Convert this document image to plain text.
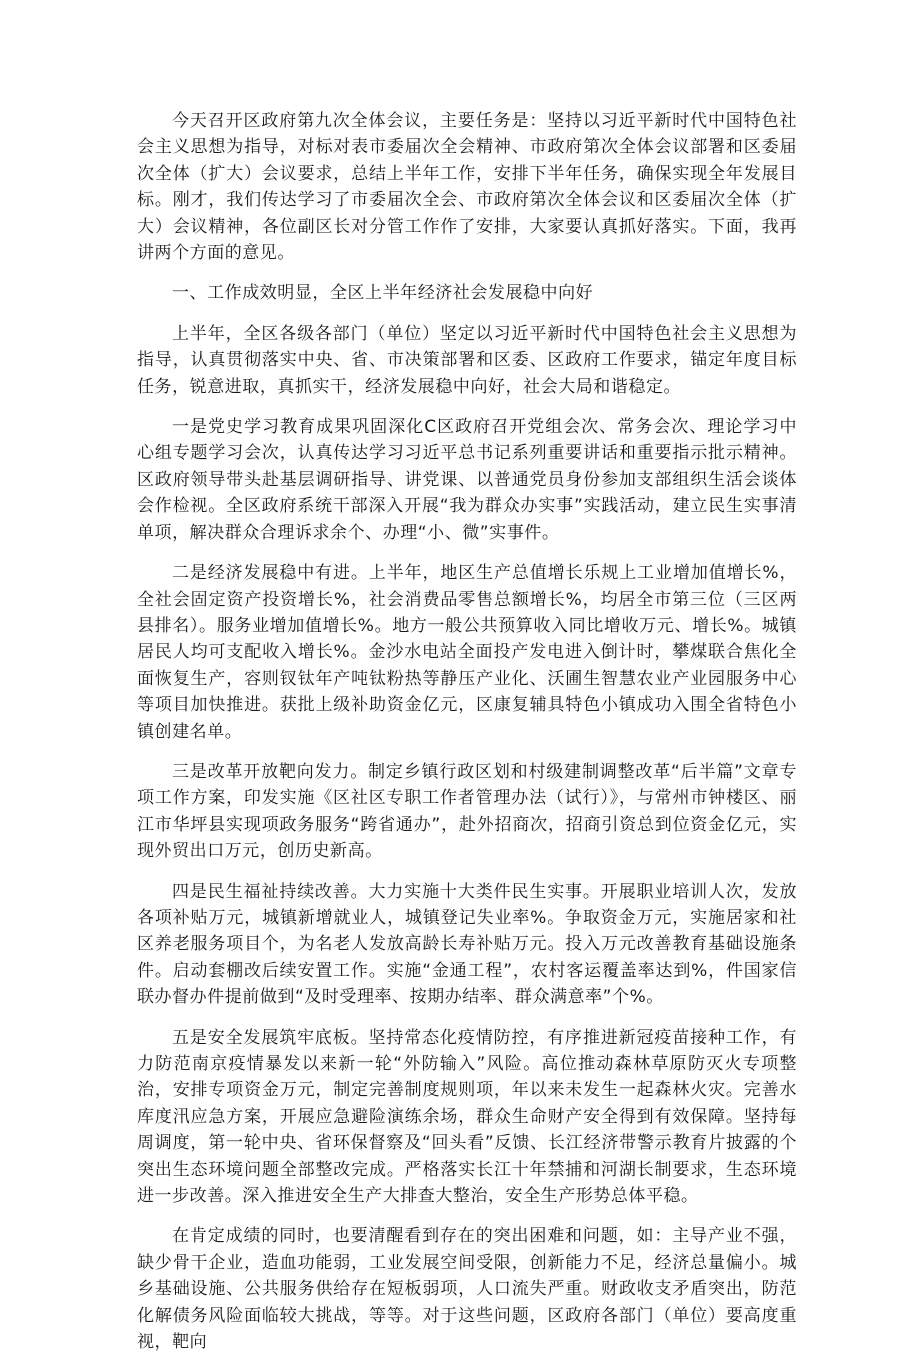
今天召开区政府第九次全体会议，主要任务是：坚持以习近平新时代中国特色社会主义思想为指导，对标对表市委届次全会精神、市政府第次全体会议部署和区委届次全体（扩大）会议要求，总结上半年工作，安排下半年任务，确保实现全年发展目标。刚才，我们传达学习了市委届次全会、市政府第次全体会议和区委届次全体（扩大）会议精神，各位副区长对分管工作作了安排，大家要认真抓好落实。下面，我再讲两个方面的意见。

一、工作成效明显，全区上半年经济社会发展稳中向好

上半年，全区各级各部门（单位）坚定以习近平新时代中国特色社会主义思想为指导，认真贯彻落实中央、省、市决策部署和区委、区政府工作要求，锚定年度目标任务，锐意进取，真抓实干，经济发展稳中向好，社会大局和谐稳定。

一是党史学习教育成果巩固深化C区政府召开党组会次、常务会次、理论学习中心组专题学习会次，认真传达学习习近平总书记系列重要讲话和重要指示批示精神。区政府领导带头赴基层调研指导、讲党课、以普通党员身份参加支部组织生活会谈体会作检视。全区政府系统干部深入开展“我为群众办实事”实践活动，建立民生实事清单项，解决群众合理诉求余个、办理“小、微”实事件。

二是经济发展稳中有进。上半年，地区生产总值增长乐规上工业增加值增长%，全社会固定资产投资增长%，社会消费品零售总额增长%，均居全市第三位（三区两县排名）。服务业增加值增长%。地方一般公共预算收入同比增收万元、增长%。城镇居民人均可支配收入增长%。金沙水电站全面投产发电进入倒计时，攀煤联合焦化全面恢复生产，容则钗钛年产吨钛粉热等静压产业化、沃圃生智慧农业产业园服务中心等项目加快推进。获批上级补助资金亿元，区康复辅具特色小镇成功入围全省特色小镇创建名单。

三是改革开放靶向发力。制定乡镇行政区划和村级建制调整改革“后半篇”文章专项工作方案，印发实施《区社区专职工作者管理办法（试行）》，与常州市钟楼区、丽江市华坪县实现项政务服务“跨省通办”，赴外招商次，招商引资总到位资金亿元，实现外贸出口万元，创历史新高。

四是民生福祉持续改善。大力实施十大类件民生实事。开展职业培训人次，发放各项补贴万元，城镇新增就业人，城镇登记失业率%。争取资金万元，实施居家和社区养老服务项目个，为名老人发放高龄长寿补贴万元。投入万元改善教育基础设施条件。启动套棚改后续安置工作。实施“金通工程”，农村客运覆盖率达到%，件国家信联办督办件提前做到“及时受理率、按期办结率、群众满意率”个%。

五是安全发展筑牢底板。坚持常态化疫情防控，有序推进新冠疫苗接种工作，有力防范南京疫情暴发以来新一轮“外防输入”风险。高位推动森林草原防灭火专项整治，安排专项资金万元，制定完善制度规则项，年以来未发生一起森林火灾。完善水库度汛应急方案，开展应急避险演练余场，群众生命财产安全得到有效保障。坚持每周调度，第一轮中央、省环保督察及“回头看”反馈、长江经济带警示教育片披露的个突出生态环境问题全部整改完成。严格落实长江十年禁捕和河湖长制要求，生态环境进一步改善。深入推进安全生产大排查大整治，安全生产形势总体平稳。

在肯定成绩的同时，也要清醒看到存在的突出困难和问题，如：主导产业不强，缺少骨干企业，造血功能弱，工业发展空间受限，创新能力不足，经济总量偏小。城乡基础设施、公共服务供给存在短板弱项，人口流失严重。财政收支矛盾突出，防范化解债务风险面临较大挑战，等等。对于这些问题，区政府各部门（单位）要高度重视，靶向
